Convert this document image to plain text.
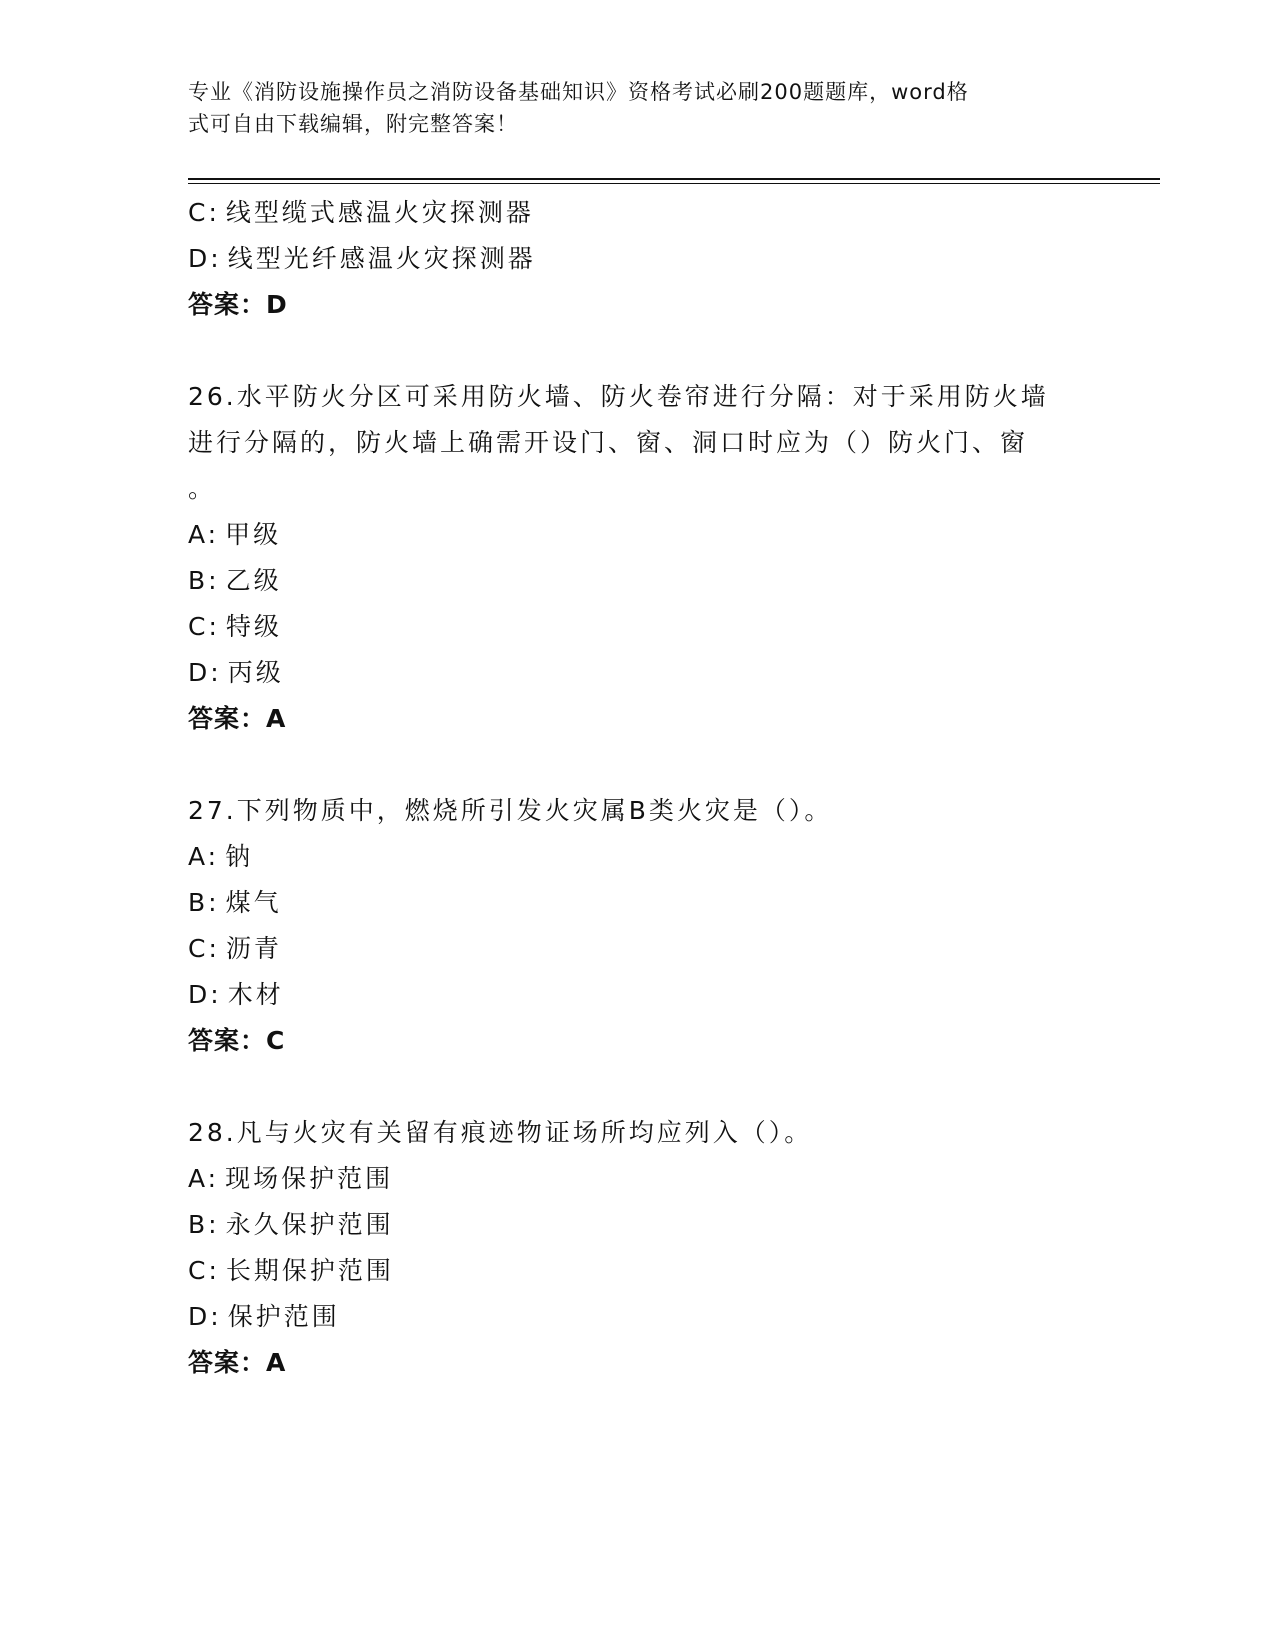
专业《消防设施操作员之消防设备基础知识》资格考试必刷200题题库，word格
式可自由下载编辑，附完整答案！
C: 线型缆式感温火灾探测器
D: 线型光纤感温火灾探测器
答案：D
26.水平防火分区可采用防火墙、防火卷帘进行分隔：对于采用防火墙
进行分隔的，防火墙上确需开设门、窗、洞口时应为（）防火门、窗
。
A: 甲级
B: 乙级
C: 特级
D: 丙级
答案：A
27.下列物质中，燃烧所引发火灾属B类火灾是（）。
A: 钠
B: 煤气
C: 沥青
D: 木材
答案：C
28.凡与火灾有关留有痕迹物证场所均应列入（）。
A: 现场保护范围
B: 永久保护范围
C: 长期保护范围
D: 保护范围
答案：A
